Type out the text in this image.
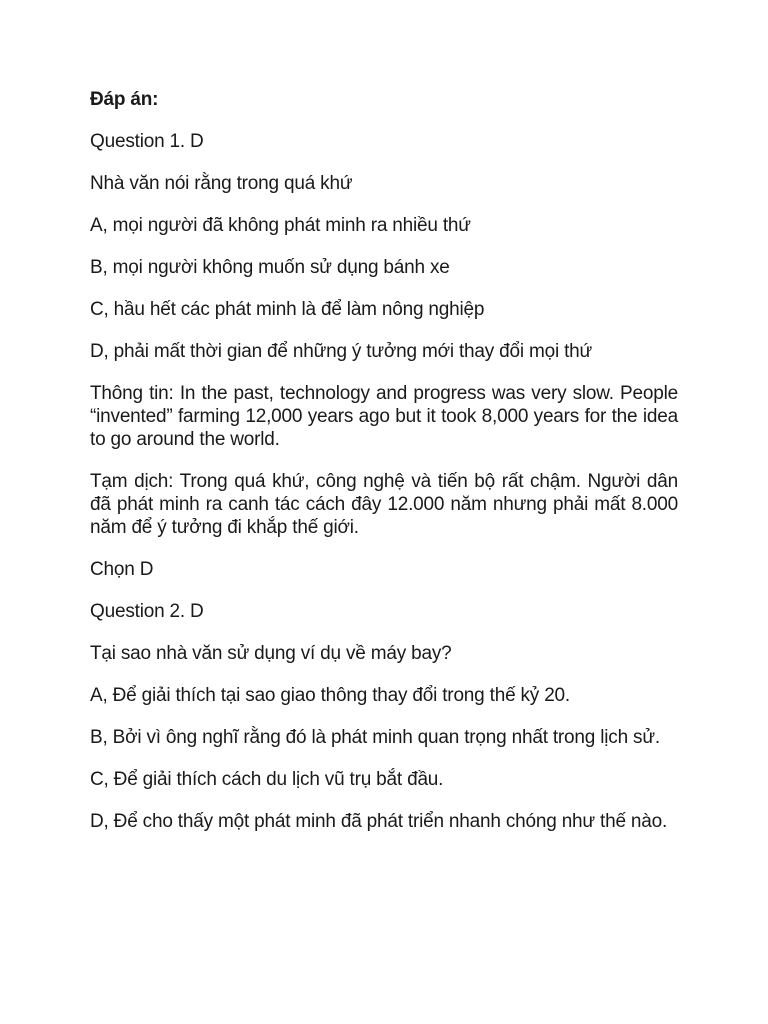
Đáp án:

Question 1. D

Nhà văn nói rằng trong quá khứ

A, mọi người đã không phát minh ra nhiều thứ

B, mọi người không muốn sử dụng bánh xe

C, hầu hết các phát minh là để làm nông nghiệp

D, phải mất thời gian để những ý tưởng mới thay đổi mọi thứ

Thông tin: In the past, technology and progress was very slow. People “invented” farming 12,000 years ago but it took 8,000 years for the idea to go around the world.

Tạm dịch: Trong quá khứ, công nghệ và tiến bộ rất chậm. Người dân đã phát minh ra canh tác cách đây 12.000 năm nhưng phải mất 8.000 năm để ý tưởng đi khắp thế giới.

Chọn D

Question 2. D

Tại sao nhà văn sử dụng ví dụ về máy bay?

A, Để giải thích tại sao giao thông thay đổi trong thế kỷ 20.

B, Bởi vì ông nghĩ rằng đó là phát minh quan trọng nhất trong lịch sử.

C, Để giải thích cách du lịch vũ trụ bắt đầu.

D, Để cho thấy một phát minh đã phát triển nhanh chóng như thế nào.
